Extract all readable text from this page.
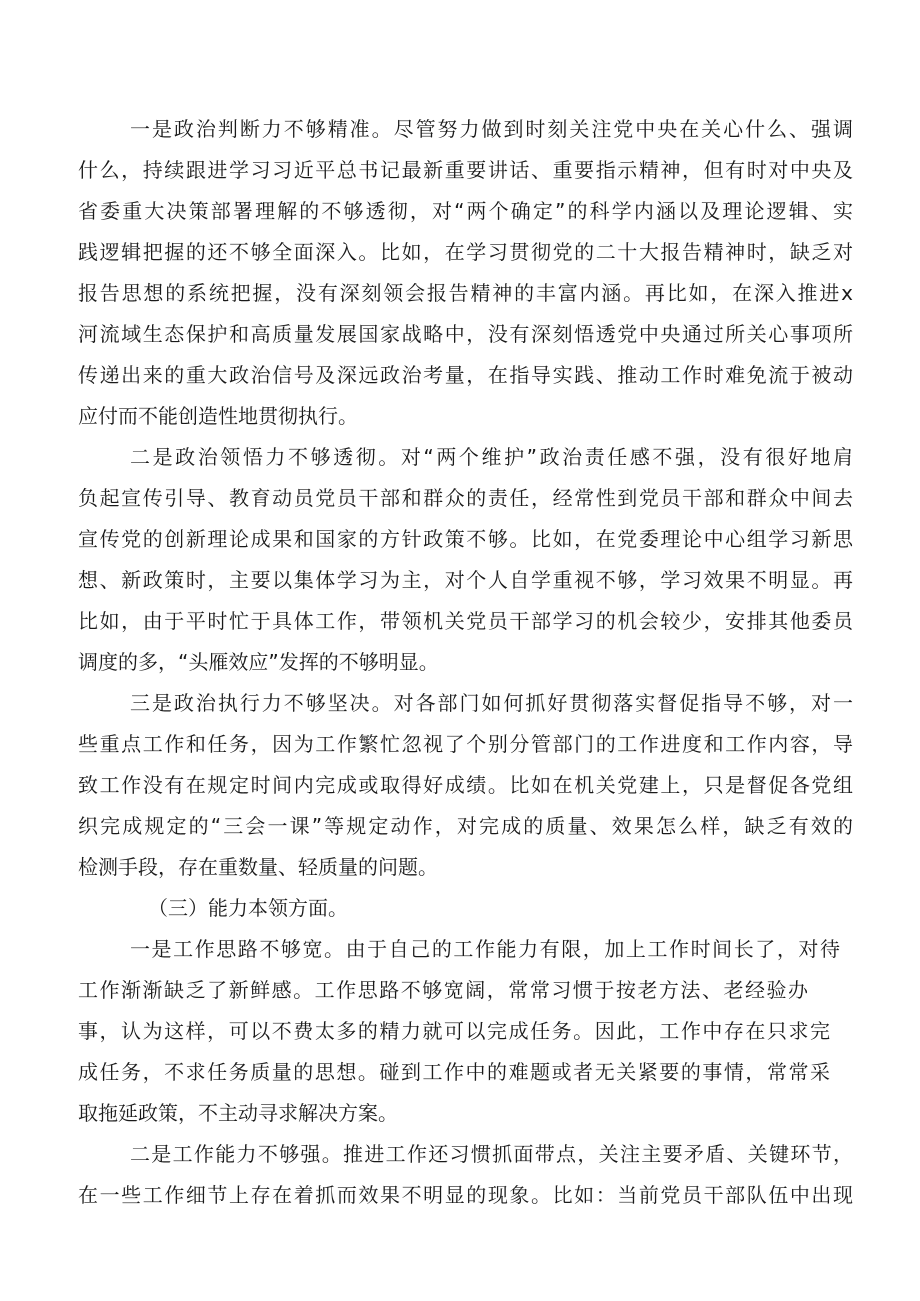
一是政治判断力不够精准。尽管努力做到时刻关注党中央在关心什么、强调

什么，持续跟进学习习近平总书记最新重要讲话、重要指示精神，但有时对中央及

省委重大决策部署理解的不够透彻，对“两个确定”的科学内涵以及理论逻辑、实

践逻辑把握的还不够全面深入。比如，在学习贯彻党的二十大报告精神时，缺乏对

报告思想的系统把握，没有深刻领会报告精神的丰富内涵。再比如，在深入推进x

河流域生态保护和高质量发展国家战略中，没有深刻悟透党中央通过所关心事项所

传递出来的重大政治信号及深远政治考量，在指导实践、推动工作时难免流于被动

应付而不能创造性地贯彻执行。

二是政治领悟力不够透彻。对“两个维护”政治责任感不强，没有很好地肩

负起宣传引导、教育动员党员干部和群众的责任，经常性到党员干部和群众中间去

宣传党的创新理论成果和国家的方针政策不够。比如，在党委理论中心组学习新思

想、新政策时，主要以集体学习为主，对个人自学重视不够，学习效果不明显。再

比如，由于平时忙于具体工作，带领机关党员干部学习的机会较少，安排其他委员

调度的多，“头雁效应”发挥的不够明显。

三是政治执行力不够坚决。对各部门如何抓好贯彻落实督促指导不够，对一

些重点工作和任务，因为工作繁忙忽视了个别分管部门的工作进度和工作内容，导

致工作没有在规定时间内完成或取得好成绩。比如在机关党建上，只是督促各党组

织完成规定的“三会一课”等规定动作，对完成的质量、效果怎么样，缺乏有效的

检测手段，存在重数量、轻质量的问题。

（三）能力本领方面。

一是工作思路不够宽。由于自己的工作能力有限，加上工作时间长了，对待

工作渐渐缺乏了新鲜感。工作思路不够宽阔，常常习惯于按老方法、老经验办

事，认为这样，可以不费太多的精力就可以完成任务。因此，工作中存在只求完

成任务，不求任务质量的思想。碰到工作中的难题或者无关紧要的事情，常常采

取拖延政策，不主动寻求解决方案。

二是工作能力不够强。推进工作还习惯抓面带点，关注主要矛盾、关键环节，

在一些工作细节上存在着抓而效果不明显的现象。比如：当前党员干部队伍中出现
